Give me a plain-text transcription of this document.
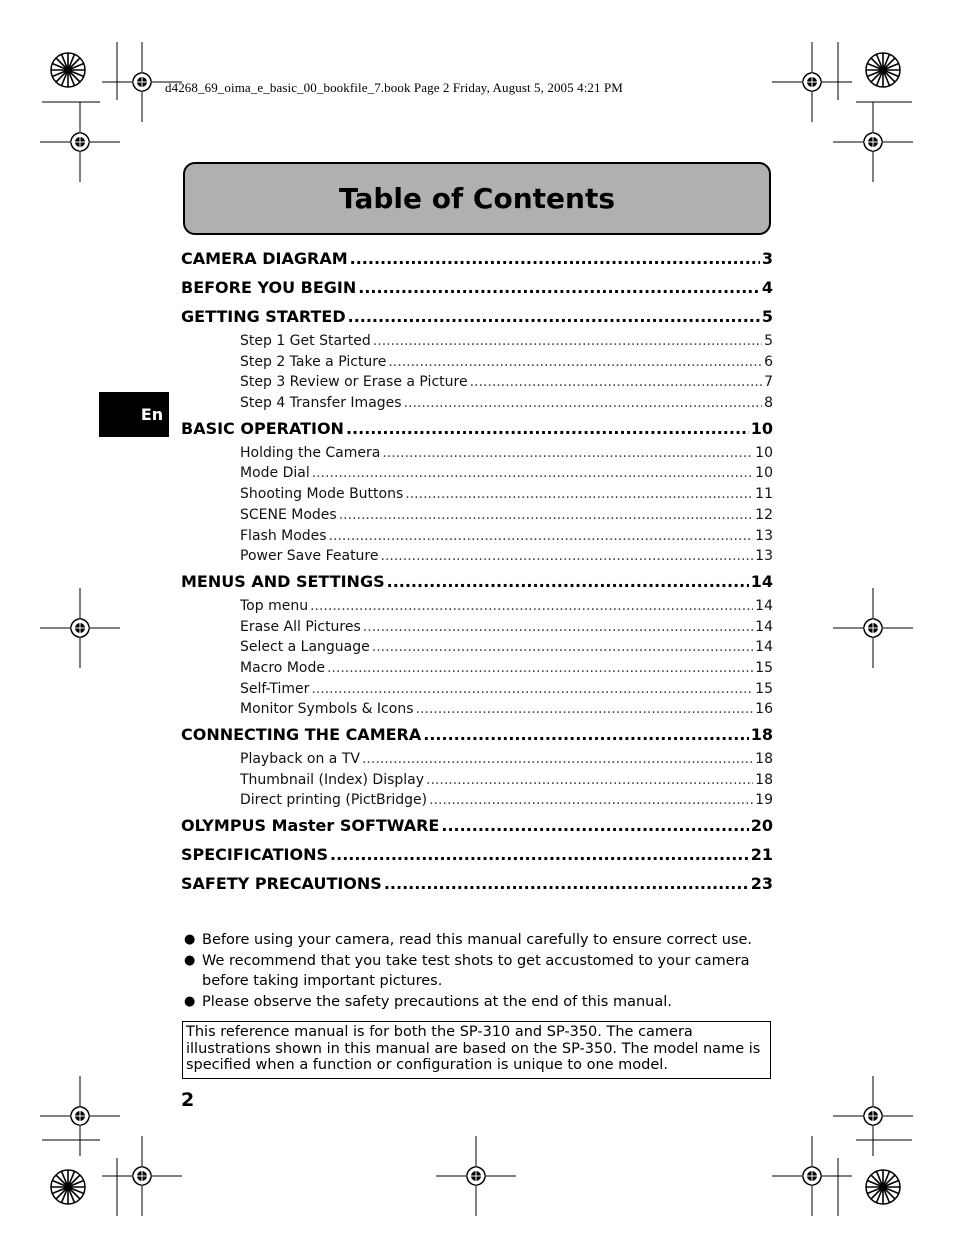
d4268_69_oima_e_basic_00_bookfile_7.book Page 2 Friday, August 5, 2005 4:21 PM
Table of Contents
En
CAMERA DIAGRAM .....	3
BEFORE YOU BEGIN .....	4
GETTING STARTED .....	5
Step 1 Get Started .....	5
Step 2 Take a Picture .....	6
Step 3 Review or Erase a Picture .....	7
Step 4 Transfer Images .....	8
BASIC OPERATION .....	10
Holding the Camera .....	10
Mode Dial .....	10
Shooting Mode Buttons .....	11
SCENE Modes .....	12
Flash Modes .....	13
Power Save Feature .....	13
MENUS AND SETTINGS .....	14
Top menu .....	14
Erase All Pictures .....	14
Select a Language .....	14
Macro Mode .....	15
Self-Timer .....	15
Monitor Symbols & Icons .....	16
CONNECTING THE CAMERA .....	18
Playback on a TV .....	18
Thumbnail (Index) Display .....	18
Direct printing (PictBridge) .....	19
OLYMPUS Master SOFTWARE .....	20
SPECIFICATIONS .....	21
SAFETY PRECAUTIONS .....	23
● Before using your camera, read this manual carefully to ensure correct use.
● We recommend that you take test shots to get accustomed to your camera before taking important pictures.
● Please observe the safety precautions at the end of this manual.
This reference manual is for both the SP-310 and SP-350. The camera illustrations shown in this manual are based on the SP-350. The model name is specified when a function or configuration is unique to one model.
2
